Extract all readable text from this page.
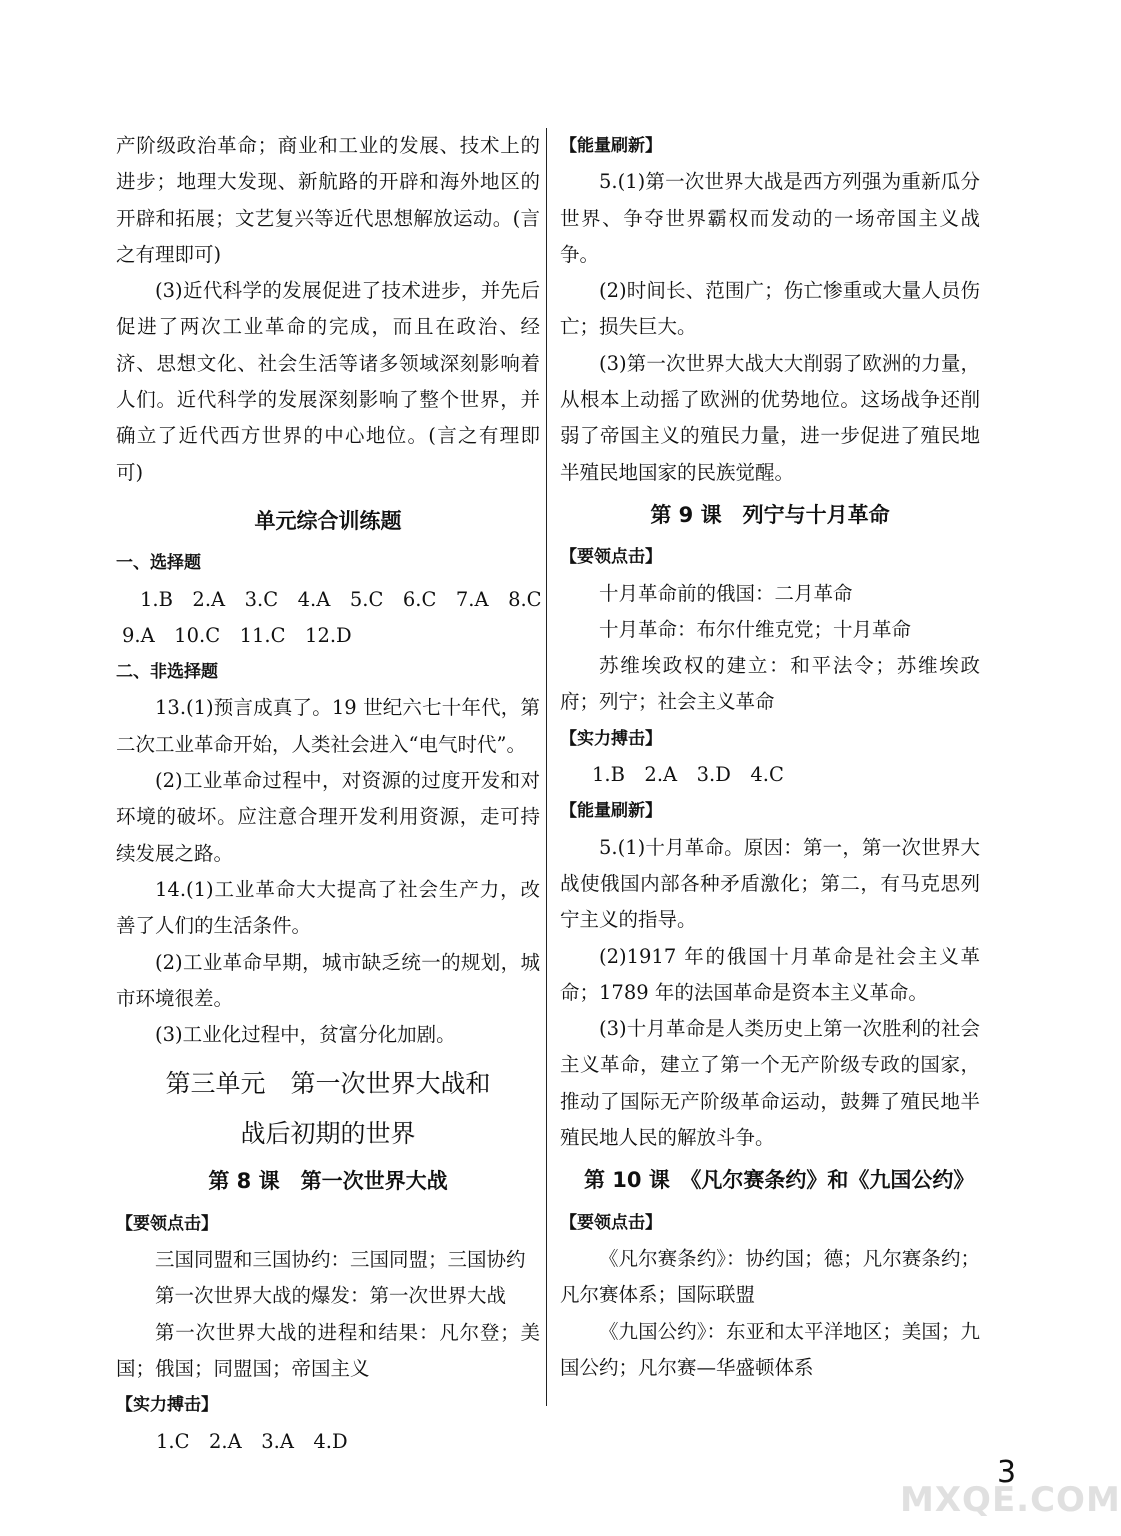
产阶级政治革命；商业和工业的发展、技术上的进步；地理大发现、新航路的开辟和海外地区的开辟和拓展；文艺复兴等近代思想解放运动。(言之有理即可)

(3)近代科学的发展促进了技术进步，并先后促进了两次工业革命的完成，而且在政治、经济、思想文化、社会生活等诸多领域深刻影响着人们。近代科学的发展深刻影响了整个世界，并确立了近代西方世界的中心地位。(言之有理即可)

单元综合训练题

一、选择题

1.B　2.A　3.C　4.A　5.C　6.C　7.A　8.C

9.A　10.C　11.C　12.D

二、非选择题

13.(1)预言成真了。19 世纪六七十年代，第二次工业革命开始，人类社会进入“电气时代”。

(2)工业革命过程中，对资源的过度开发和对环境的破坏。应注意合理开发利用资源，走可持续发展之路。

14.(1)工业革命大大提高了社会生产力，改善了人们的生活条件。

(2)工业革命早期，城市缺乏统一的规划，城市环境很差。

(3)工业化过程中，贫富分化加剧。

第三单元　第一次世界大战和
战后初期的世界
第 8 课　第一次世界大战

【要领点击】

三国同盟和三国协约：三国同盟；三国协约

第一次世界大战的爆发：第一次世界大战

第一次世界大战的进程和结果：凡尔登；美国；俄国；同盟国；帝国主义

【实力搏击】

1.C　2.A　3.A　4.D

【能量刷新】

5.(1)第一次世界大战是西方列强为重新瓜分世界、争夺世界霸权而发动的一场帝国主义战争。

(2)时间长、范围广；伤亡惨重或大量人员伤亡；损失巨大。

(3)第一次世界大战大大削弱了欧洲的力量，从根本上动摇了欧洲的优势地位。这场战争还削弱了帝国主义的殖民力量，进一步促进了殖民地半殖民地国家的民族觉醒。

第 9 课　列宁与十月革命

【要领点击】

十月革命前的俄国：二月革命

十月革命：布尔什维克党；十月革命

苏维埃政权的建立：和平法令；苏维埃政府；列宁；社会主义革命

【实力搏击】

1.B　2.A　3.D　4.C

【能量刷新】

5.(1)十月革命。原因：第一，第一次世界大战使俄国内部各种矛盾激化；第二，有马克思列宁主义的指导。

(2)1917 年的俄国十月革命是社会主义革命；1789 年的法国革命是资本主义革命。

(3)十月革命是人类历史上第一次胜利的社会主义革命，建立了第一个无产阶级专政的国家，推动了国际无产阶级革命运动，鼓舞了殖民地半殖民地人民的解放斗争。

第 10 课　《凡尔赛条约》和《九国公约》

【要领点击】

《凡尔赛条约》：协约国；德；凡尔赛条约；凡尔赛体系；国际联盟

《九国公约》：东亚和太平洋地区；美国；九国公约；凡尔赛—华盛顿体系

3
MXQE.COM
